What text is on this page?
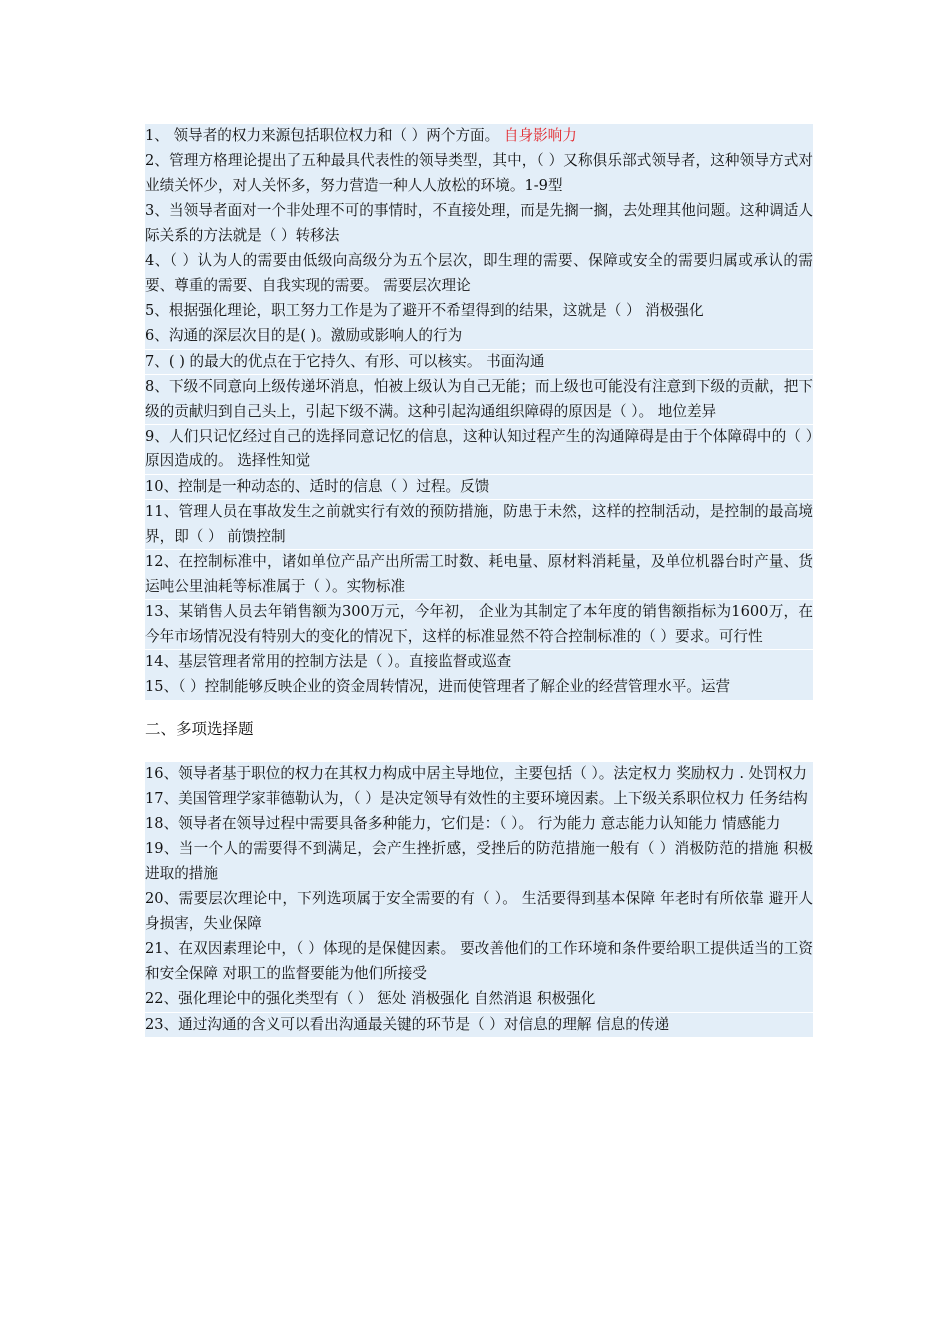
1、 领导者的权力来源包括职位权力和（ ）两个方面。 自身影响力
2、管理方格理论提出了五种最具代表性的领导类型，其中，（ ）又称俱乐部式领导者，这种领导方式对业绩关怀少，对人关怀多，努力营造一种人人放松的环境。1-9型
3、当领导者面对一个非处理不可的事情时，不直接处理，而是先搁一搁，去处理其他问题。这种调适人际关系的方法就是（ ）转移法
4、（ ）认为人的需要由低级向高级分为五个层次，即生理的需要、保障或安全的需要归属或承认的需要、尊重的需要、自我实现的需要。 需要层次理论
5、根据强化理论，职工努力工作是为了避开不希望得到的结果，这就是（ ） 消极强化
6、沟通的深层次目的是( )。激励或影响人的行为
7、( ) 的最大的优点在于它持久、有形、可以核实。 书面沟通
8、下级不同意向上级传递坏消息，怕被上级认为自己无能；而上级也可能没有注意到下级的贡献，把下级的贡献归到自己头上，引起下级不满。这种引起沟通组织障碍的原因是（ ）。 地位差异
9、人们只记忆经过自己的选择同意记忆的信息，这种认知过程产生的沟通障碍是由于个体障碍中的（ ）原因造成的。 选择性知觉
10、控制是一种动态的、适时的信息（ ）过程。反馈
11、管理人员在事故发生之前就实行有效的预防措施，防患于未然，这样的控制活动，是控制的最高境界，即（ ） 前馈控制
12、在控制标准中，诸如单位产品产出所需工时数、耗电量、原材料消耗量，及单位机器台时产量、货运吨公里油耗等标准属于（ ）。实物标准
13、某销售人员去年销售额为300万元，今年初， 企业为其制定了本年度的销售额指标为1600万，在今年市场情况没有特别大的变化的情况下，这样的标准显然不符合控制标准的（ ）要求。可行性
14、基层管理者常用的控制方法是（ ）。直接监督或巡查
15、（ ）控制能够反映企业的资金周转情况，进而使管理者了解企业的经营管理水平。运营
二、多项选择题
16、领导者基于职位的权力在其权力构成中居主导地位，主要包括（ ）。法定权力 奖励权力 . 处罚权力
17、美国管理学家菲德勒认为，（ ）是决定领导有效性的主要环境因素。上下级关系职位权力 任务结构
18、领导者在领导过程中需要具备多种能力，它们是：（ ）。 行为能力 意志能力认知能力 情感能力
19、当一个人的需要得不到满足，会产生挫折感，受挫后的防范措施一般有（ ）消极防范的措施 积极进取的措施
20、需要层次理论中，下列选项属于安全需要的有（ ）。 生活要得到基本保障 年老时有所依靠 避开人身损害，失业保障
21、在双因素理论中，（ ）体现的是保健因素。 要改善他们的工作环境和条件要给职工提供适当的工资和安全保障 对职工的监督要能为他们所接受
22、强化理论中的强化类型有（ ） 惩处 消极强化 自然消退 积极强化
23、通过沟通的含义可以看出沟通最关键的环节是（ ）对信息的理解 信息的传递
